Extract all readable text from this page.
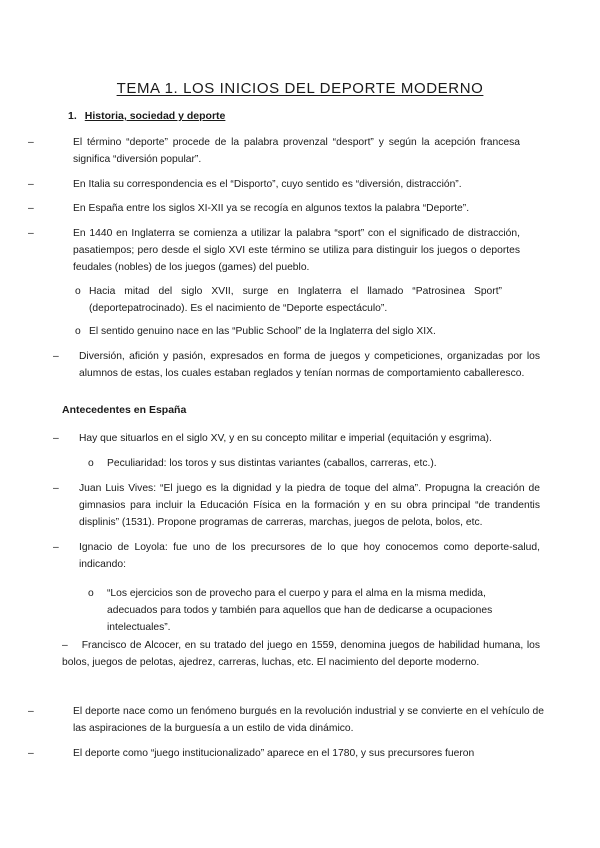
TEMA 1. LOS INICIOS DEL DEPORTE MODERNO
1. Historia, sociedad y deporte
–	El término “deporte” procede de la palabra provenzal “desport” y según la acepción francesa significa “diversión popular”.
–	En Italia su correspondencia es el “Disporto”, cuyo sentido es “diversión, distracción”.
–	En España entre los siglos XI-XII ya se recogía en algunos textos la palabra “Deporte”.
–	En 1440 en Inglaterra se comienza a utilizar la palabra “sport” con el significado de distracción, pasatiempos; pero desde el siglo XVI este término se utiliza para distinguir los juegos o deportes feudales (nobles) de los juegos (games) del pueblo.
o Hacia mitad del siglo XVII, surge en Inglaterra el llamado “Patrosinea Sport” (deportepatrocinado). Es el nacimiento de “Deporte espectáculo”.
o El sentido genuino nace en las “Public School” de la Inglaterra del siglo XIX.
– Diversión, afición y pasión, expresados en forma de juegos y competiciones, organizadas por los alumnos de estas, los cuales estaban reglados y tenían normas de comportamiento caballeresco.
Antecedentes en España
– Hay que situarlos en el siglo XV, y en su concepto militar e imperial (equitación y esgrima).
o Peculiaridad: los toros y sus distintas variantes (caballos, carreras, etc.).
– Juan Luis Vives: “El juego es la dignidad y la piedra de toque del alma”. Propugna la creación de gimnasios para incluir la Educación Física en la formación y en su obra principal “de trandentis displinis” (1531). Propone programas de carreras, marchas, juegos de pelota, bolos, etc.
– Ignacio de Loyola: fue uno de los precursores de lo que hoy conocemos como deporte-salud, indicando:
o “Los ejercicios son de provecho para el cuerpo y para el alma en la misma medida, adecuados para todos y también para aquellos que han de dedicarse a ocupaciones intelectuales”.
– Francisco de Alcocer, en su tratado del juego en 1559, denomina juegos de habilidad humana, los bolos, juegos de pelotas, ajedrez, carreras, luchas, etc. El nacimiento del deporte moderno.
–	El deporte nace como un fenómeno burgués en la revolución industrial y se convierte en el vehículo de las aspiraciones de la burguesía a un estilo de vida dinámico.
–	El deporte como “juego institucionalizado” aparece en el 1780, y sus precursores fueron
